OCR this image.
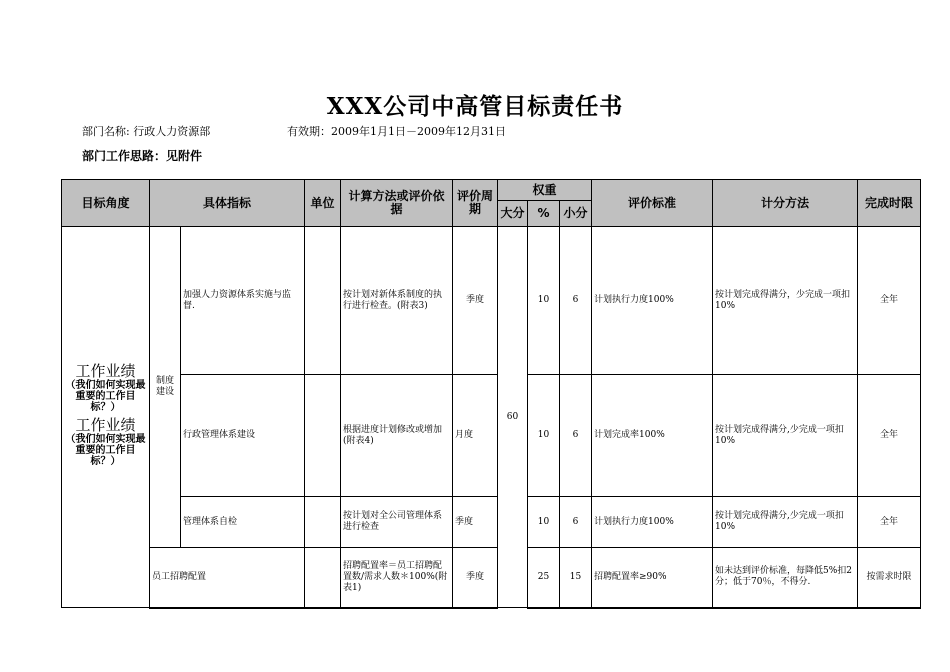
XXX公司中高管目标责任书
部门名称: 行政人力资源部	有效期：2009年1月1日－2009年12月31日
部门工作思路：见附件
目标角度	具体指标		单位	计算方法或评价依据	评价周期	权重			评价标准	计分方法	完成时限
						大分	%	小分			

工作业绩
（我们如何实现最重要的工作目标？）
工作业绩
（我们如何实现最重要的工作目标？）	制度建设	加强人力资源体系实施与监督.		按计划对新体系制度的执行进行检查。(附表3)	季度	60	10	6	计划执行力度100%	按计划完成得满分，少完成一项扣10%	全年
		行政管理体系建设		根据进度计划修改或增加(附表4)	月度		10	6	计划完成率100%	按计划完成得满分,少完成一项扣10%	全年
		管理体系自检		按计划对全公司管理体系进行检查	季度		10	6	计划执行力度100%	按计划完成得满分,少完成一项扣10%	全年
	员工招聘配置			招聘配置率＝员工招聘配置数/需求人数＊100%(附表1)	季度		25	15	招聘配置率≥90%	如未达到评价标准，每降低5%扣2分；低于70％，不得分.	按需求时限
